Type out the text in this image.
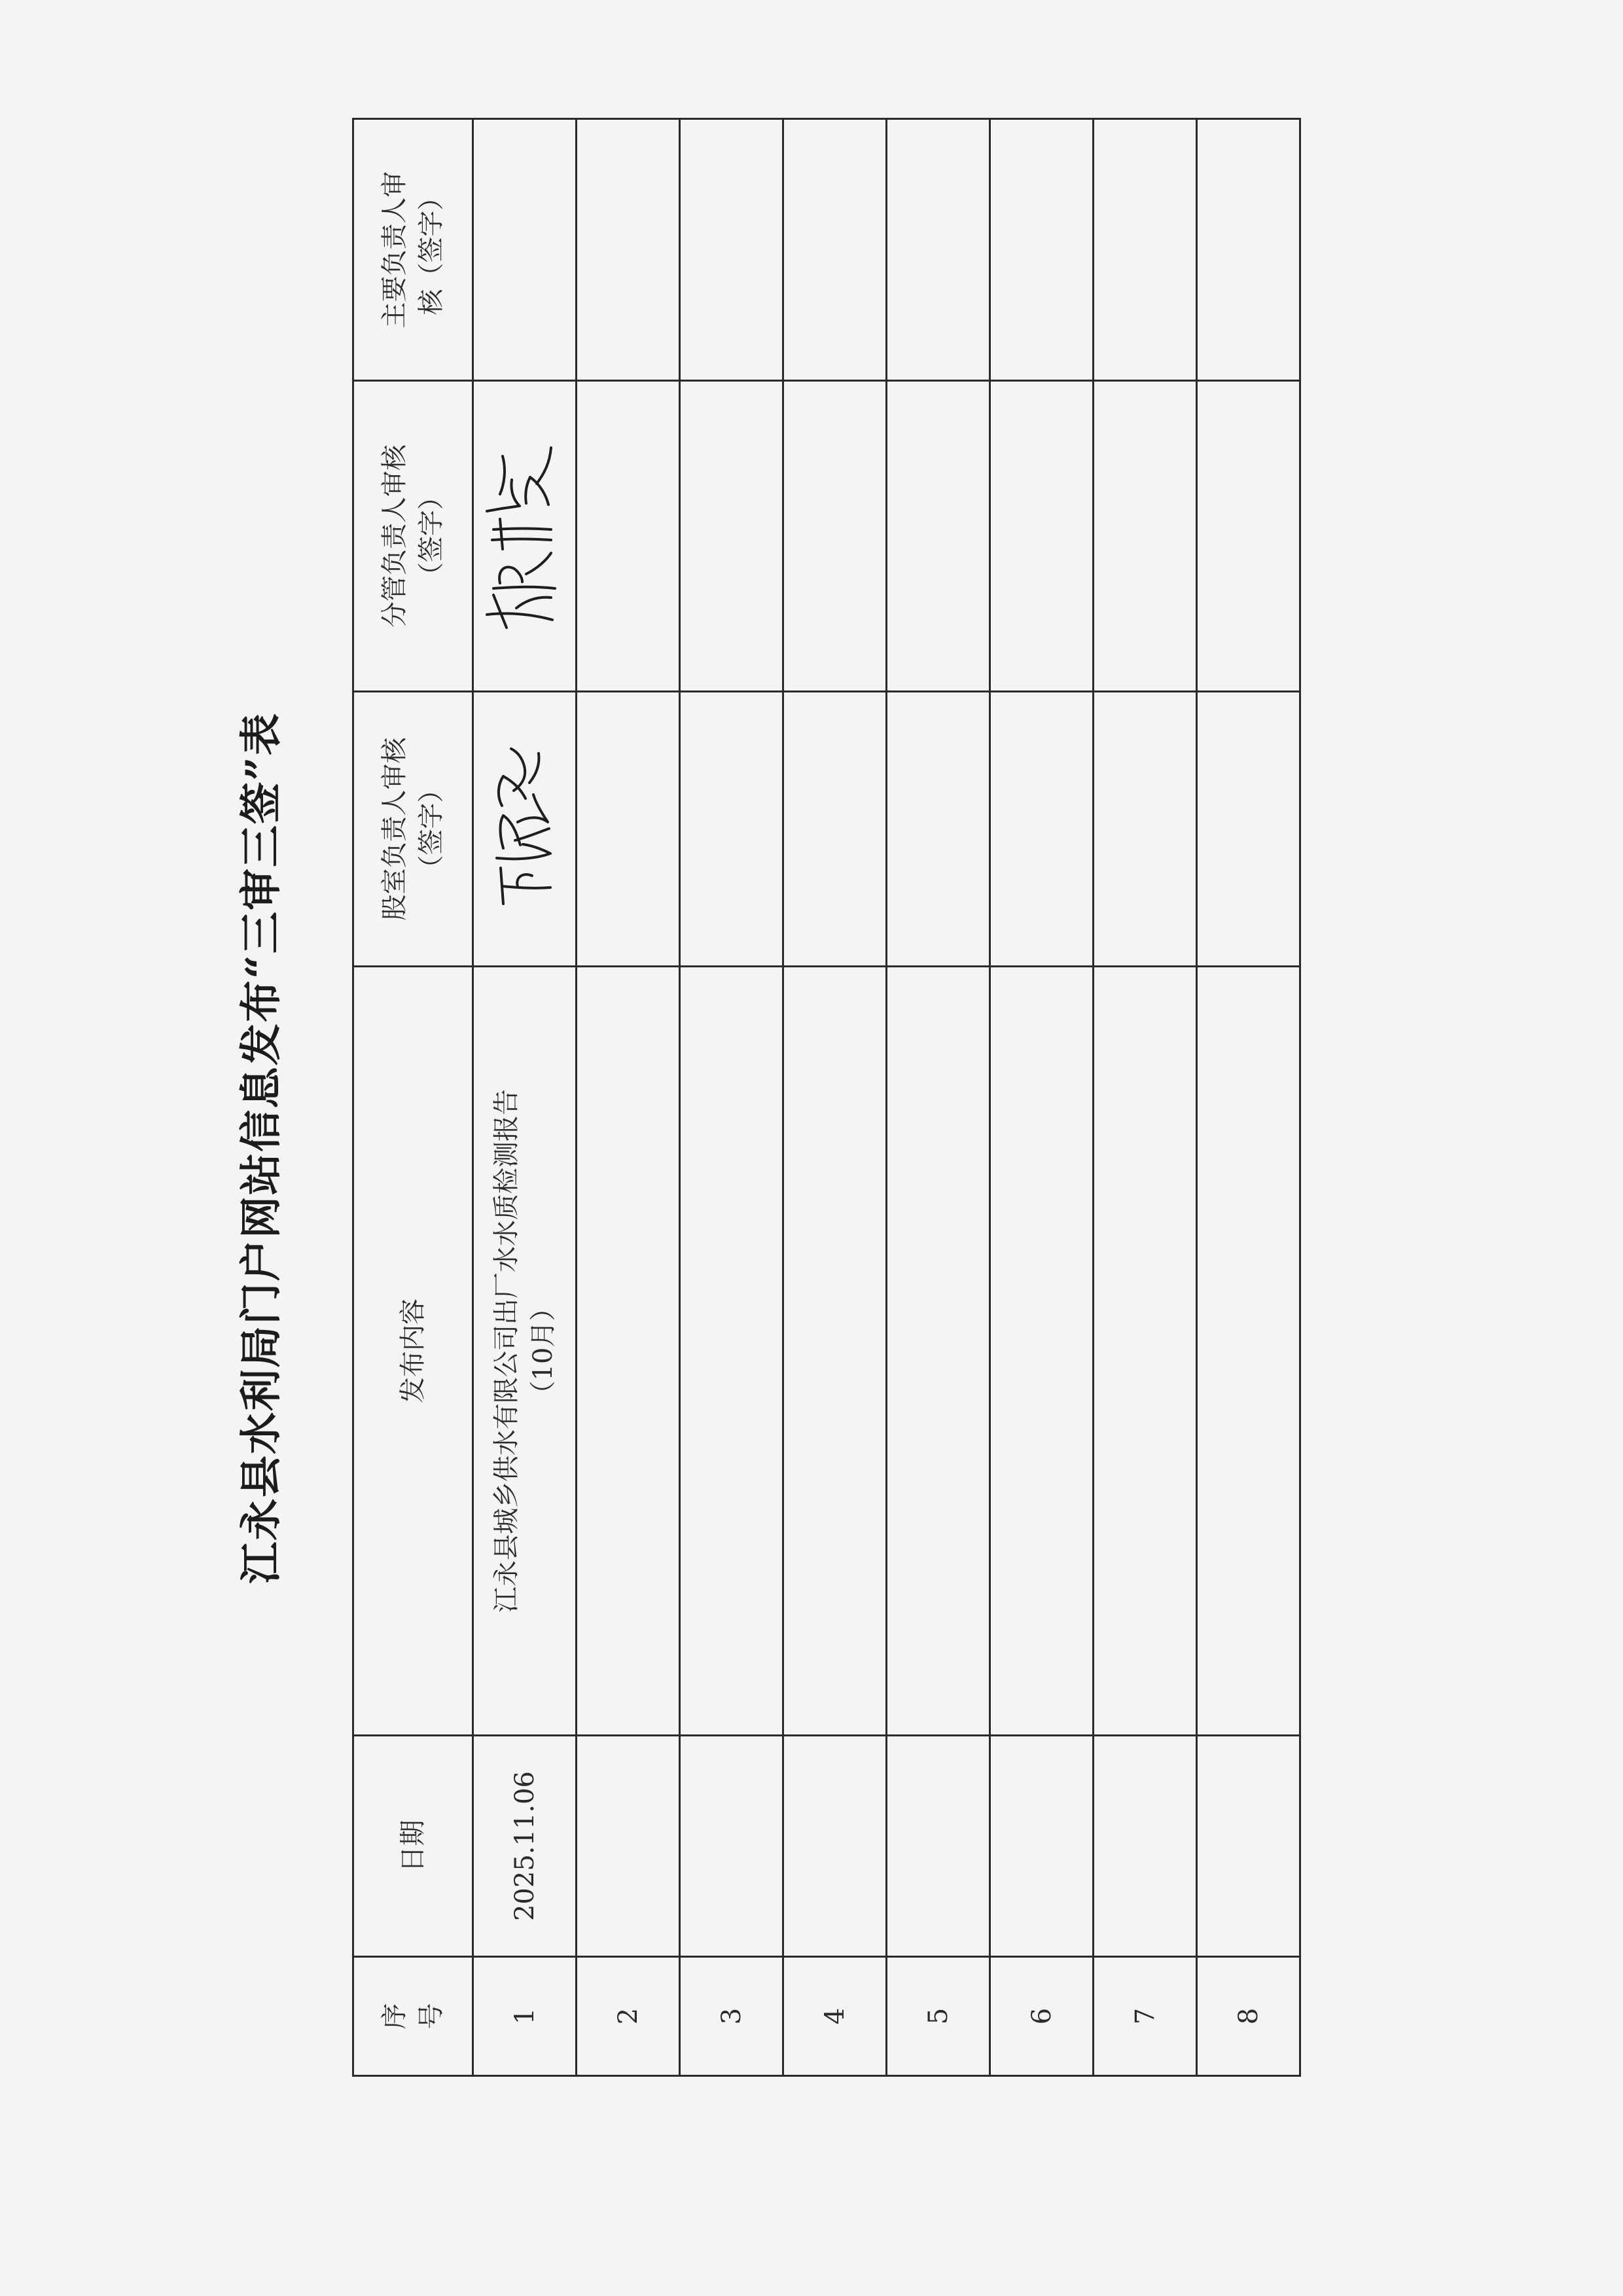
江永县水利局门户网站信息发布“三审三签”表
序 号	日期	发布内容	股室负责人审核 （签字）	分管负责人审核 （签字）	主要负责人审 核（签字）

1	2025.11.06	江永县城乡供水有限公司出厂水水质检测报告 （10月）

2		

3		

4		

5		

6		

7		

8		
